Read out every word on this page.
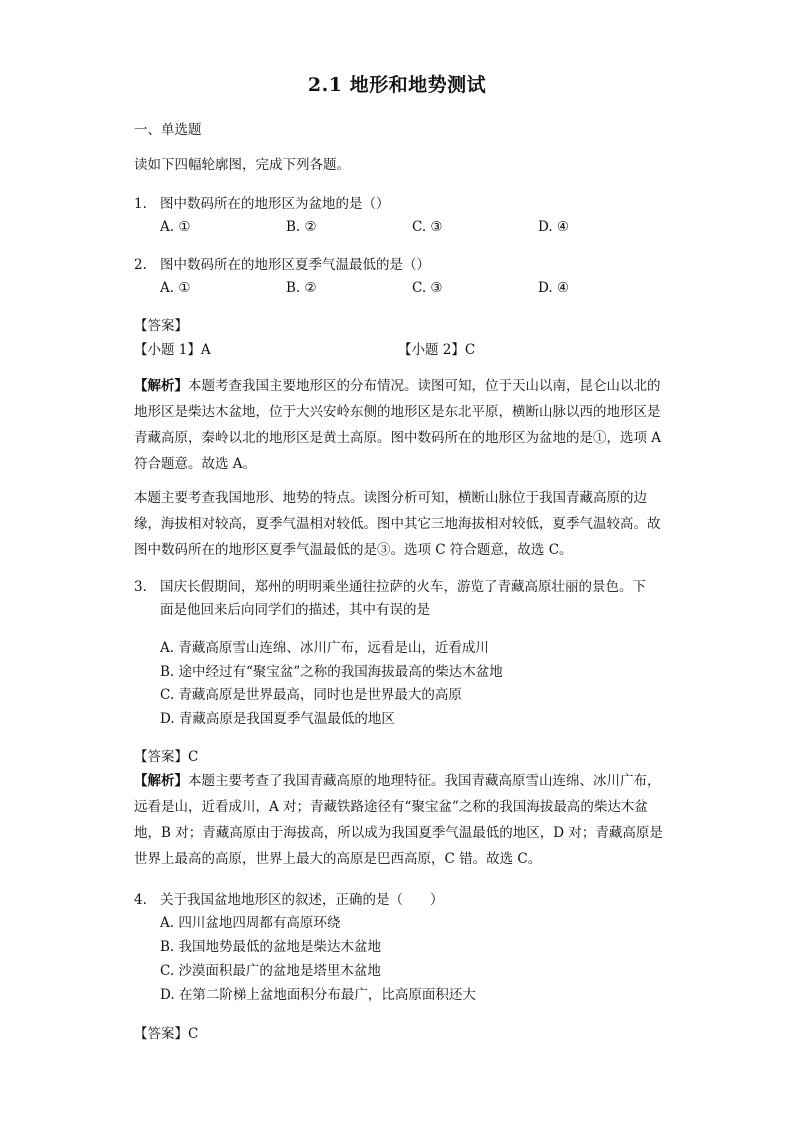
2.1 地形和地势测试
一、单选题
读如下四幅轮廓图，完成下列各题。
1. 图中数码所在的地形区为盆地的是（）
A. ①	B. ②	C. ③	D. ④
2. 图中数码所在的地形区夏季气温最低的是（）
A. ①	B. ②	C. ③	D. ④
【答案】
【小题 1】A	【小题 2】C
【解析】本题考查我国主要地形区的分布情况。读图可知，位于天山以南，昆仑山以北的地形区是柴达木盆地，位于大兴安岭东侧的地形区是东北平原，横断山脉以西的地形区是青藏高原，秦岭以北的地形区是黄土高原。图中数码所在的地形区为盆地的是①，选项 A 符合题意。故选 A。
本题主要考查我国地形、地势的特点。读图分析可知，横断山脉位于我国青藏高原的边缘，海拔相对较高，夏季气温相对较低。图中其它三地海拔相对较低，夏季气温较高。故图中数码所在的地形区夏季气温最低的是③。选项 C 符合题意，故选 C。
3. 国庆长假期间，郑州的明明乘坐通往拉萨的火车，游览了青藏高原壮丽的景色。下
面是他回来后向同学们的描述，其中有误的是
A. 青藏高原雪山连绵、冰川广布，远看是山，近看成川
B. 途中经过有“聚宝盆”之称的我国海拔最高的柴达木盆地
C. 青藏高原是世界最高，同时也是世界最大的高原
D. 青藏高原是我国夏季气温最低的地区
【答案】C
【解析】本题主要考查了我国青藏高原的地理特征。我国青藏高原雪山连绵、冰川广布，远看是山，近看成川，A 对；青藏铁路途径有“聚宝盆”之称的我国海拔最高的柴达木盆地，B 对；青藏高原由于海拔高，所以成为我国夏季气温最低的地区，D 对；青藏高原是世界上最高的高原，世界上最大的高原是巴西高原，C 错。故选 C。
4. 关于我国盆地地形区的叙述，正确的是（　　）
A. 四川盆地四周都有高原环绕
B. 我国地势最低的盆地是柴达木盆地
C. 沙漠面积最广的盆地是塔里木盆地
D. 在第二阶梯上盆地面积分布最广，比高原面积还大
【答案】C
